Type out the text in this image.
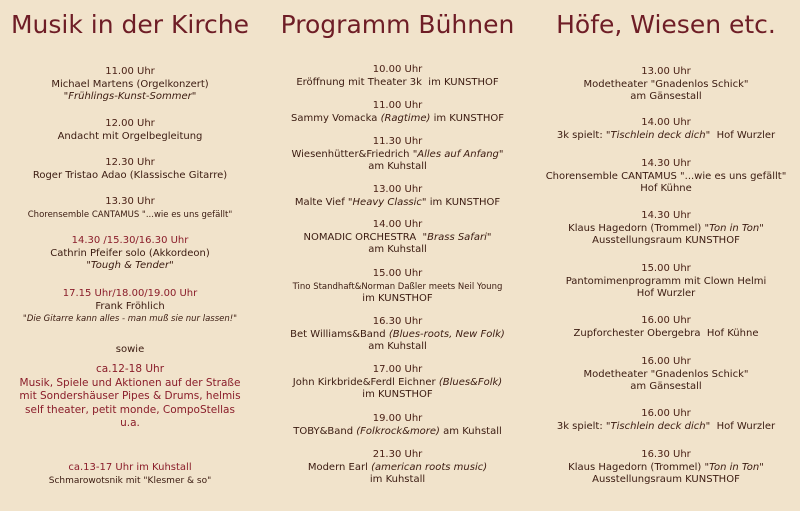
Musik in der Kirche
11.00 Uhr
Michael Martens (Orgelkonzert)
"Frühlings-Kunst-Sommer"
12.00 Uhr
Andacht mit Orgelbegleitung
12.30 Uhr
Roger Tristao Adao (Klassische Gitarre)
13.30 Uhr
Chorensemble CANTAMUS "...wie es uns gefällt"
14.30 /15.30/16.30 Uhr
Cathrin Pfeifer solo (Akkordeon)
"Tough & Tender"
17.15 Uhr/18.00/19.00 Uhr
Frank Fröhlich
"Die Gitarre kann alles - man muß sie nur lassen!"
sowie
ca.12-18 Uhr
Musik, Spiele und Aktionen auf der Straße
mit Sondershäuser Pipes & Drums, helmis
self theater, petit monde, CompoStellas
u.a.
ca.13-17 Uhr im Kuhstall
Schmarowotsnik mit "Klesmer & so"
Programm Bühnen
10.00 Uhr
Eröffnung mit Theater 3k im KUNSTHOF
11.00 Uhr
Sammy Vomacka (Ragtime) im KUNSTHOF
11.30 Uhr
Wiesenhütter&Friedrich "Alles auf Anfang"
am Kuhstall
13.00 Uhr
Malte Vief "Heavy Classic" im KUNSTHOF
14.00 Uhr
NOMADIC ORCHESTRA "Brass Safari"
am Kuhstall
15.00 Uhr
Tino Standhaft&Norman Daßler meets Neil Young
im KUNSTHOF
16.30 Uhr
Bet Williams&Band (Blues-roots, New Folk)
am Kuhstall
17.00 Uhr
John Kirkbride&Ferdl Eichner (Blues&Folk)
im KUNSTHOF
19.00 Uhr
TOBY&Band (Folkrock&more) am Kuhstall
21.30 Uhr
Modern Earl (american roots music)
im Kuhstall
Höfe, Wiesen etc.
13.00 Uhr
Modetheater "Gnadenlos Schick"
am Gänsestall
14.00 Uhr
3k spielt: "Tischlein deck dich" Hof Wurzler
14.30 Uhr
Chorensemble CANTAMUS "...wie es uns gefällt"
Hof Kühne
14.30 Uhr
Klaus Hagedorn (Trommel) "Ton in Ton"
Ausstellungsraum KUNSTHOF
15.00 Uhr
Pantomimenprogramm mit Clown Helmi
Hof Wurzler
16.00 Uhr
Zupforchester Obergebra Hof Kühne
16.00 Uhr
Modetheater "Gnadenlos Schick"
am Gänsestall
16.00 Uhr
3k spielt: "Tischlein deck dich" Hof Wurzler
16.30 Uhr
Klaus Hagedorn (Trommel) "Ton in Ton"
Ausstellungsraum KUNSTHOF
